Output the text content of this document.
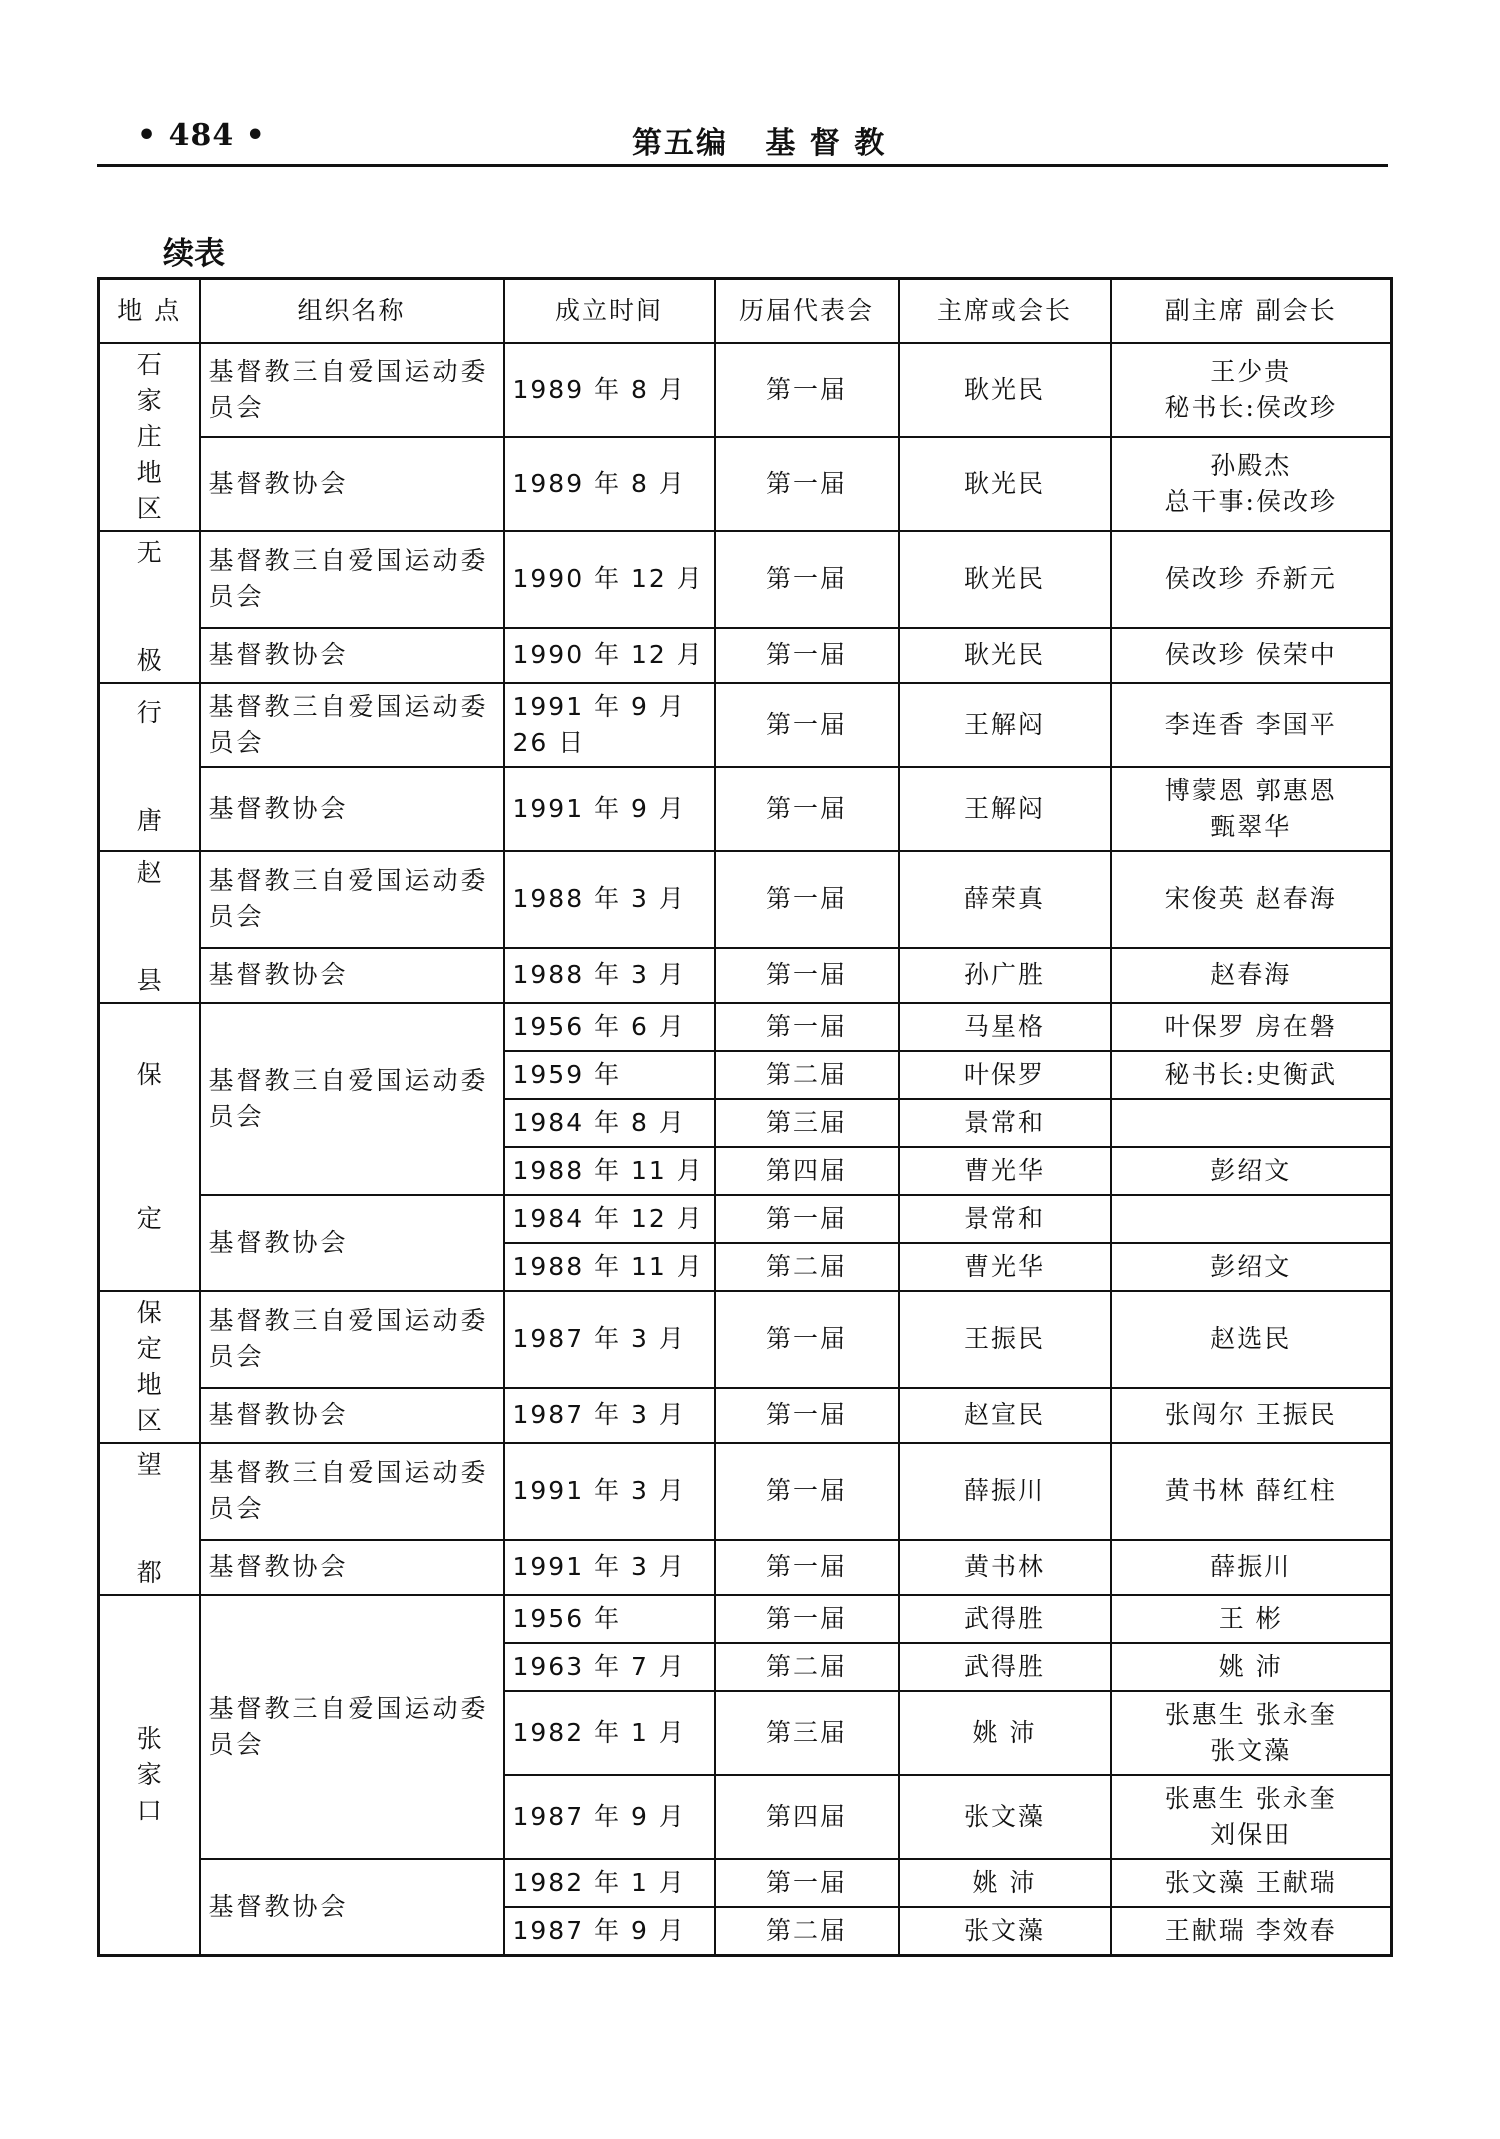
• 484 •	第五编   基 督 教
续表
地 点	组织名称	成立时间	历届代表会	主席或会长	副主席 副会长

石
家
庄
地
区	基督教三自爱国运动委员会	1989 年 8 月	第一届	耿光民	王少贵
秘书长:侯改珍
	基督教协会	1989 年 8 月	第一届	耿光民	孙殿杰
总干事:侯改珍

无

极	基督教三自爱国运动委员会	1990 年 12 月	第一届	耿光民	侯改珍 乔新元
	基督教协会	1990 年 12 月	第一届	耿光民	侯改珍 侯荣中

行

唐	基督教三自爱国运动委员会	1991 年 9 月 26 日	第一届	王解闷	李连香 李国平
	基督教协会	1991 年 9 月	第一届	王解闷	博蒙恩 郭惠恩
甄翠华

赵

县	基督教三自爱国运动委员会	1988 年 3 月	第一届	薛荣真	宋俊英 赵春海
	基督教协会	1988 年 3 月	第一届	孙广胜	赵春海

保

定	基督教三自爱国运动委员会	1956 年 6 月	第一届	马星格	叶保罗 房在磐
		1959 年	第二届	叶保罗	秘书长:史衡武
		1984 年 8 月	第三届	景常和	
		1988 年 11 月	第四届	曹光华	彭绍文
	基督教协会	1984 年 12 月	第一届	景常和	
		1988 年 11 月	第二届	曹光华	彭绍文

保
定
地
区	基督教三自爱国运动委员会	1987 年 3 月	第一届	王振民	赵选民
	基督教协会	1987 年 3 月	第一届	赵宣民	张闯尔 王振民

望

都	基督教三自爱国运动委员会	1991 年 3 月	第一届	薛振川	黄书林 薛红柱
	基督教协会	1991 年 3 月	第一届	黄书林	薛振川

张
家
口	基督教三自爱国运动委员会	1956 年	第一届	武得胜	王 彬
		1963 年 7 月	第二届	武得胜	姚 沛
		1982 年 1 月	第三届	姚 沛	张惠生 张永奎
张文藻
		1987 年 9 月	第四届	张文藻	张惠生 张永奎
刘保田
	基督教协会	1982 年 1 月	第一届	姚 沛	张文藻 王献瑞
		1987 年 9 月	第二届	张文藻	王献瑞 李效春
